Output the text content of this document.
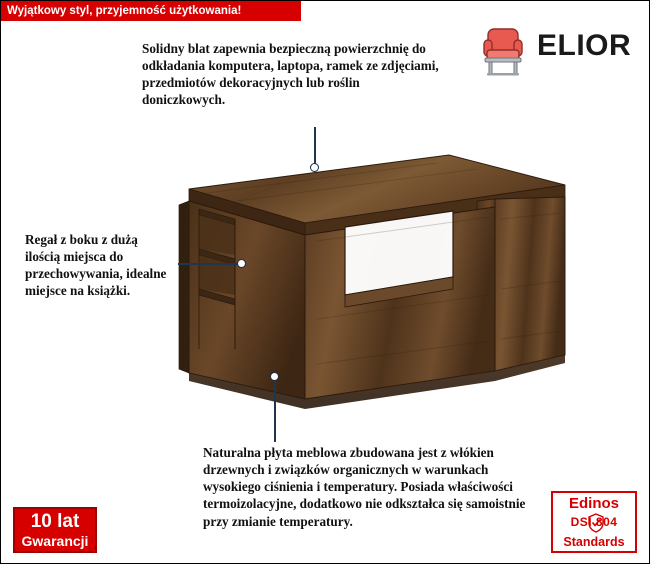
Wyjątkowy styl, przyjemność użytkowania!
ELIOR
Solidny blat zapewnia bezpieczną powierzchnię do odkładania komputera, laptopa, ramek ze zdjęciami, przedmiotów dekoracyjnych lub roślin doniczkowych.
Regał z boku z dużą ilością miejsca do przechowywania, idealne miejsce na książki.
Naturalna płyta meblowa zbudowana jest z włókien drzewnych i związków organicznych w warunkach wysokiego ciśnienia i temperatury. Posiada właściwości termoizolacyjne, dodatkowo nie odkształca się samoistnie przy zmianie temperatury.
10 lat
Gwarancji
Edinos
DSI 804
Standards
